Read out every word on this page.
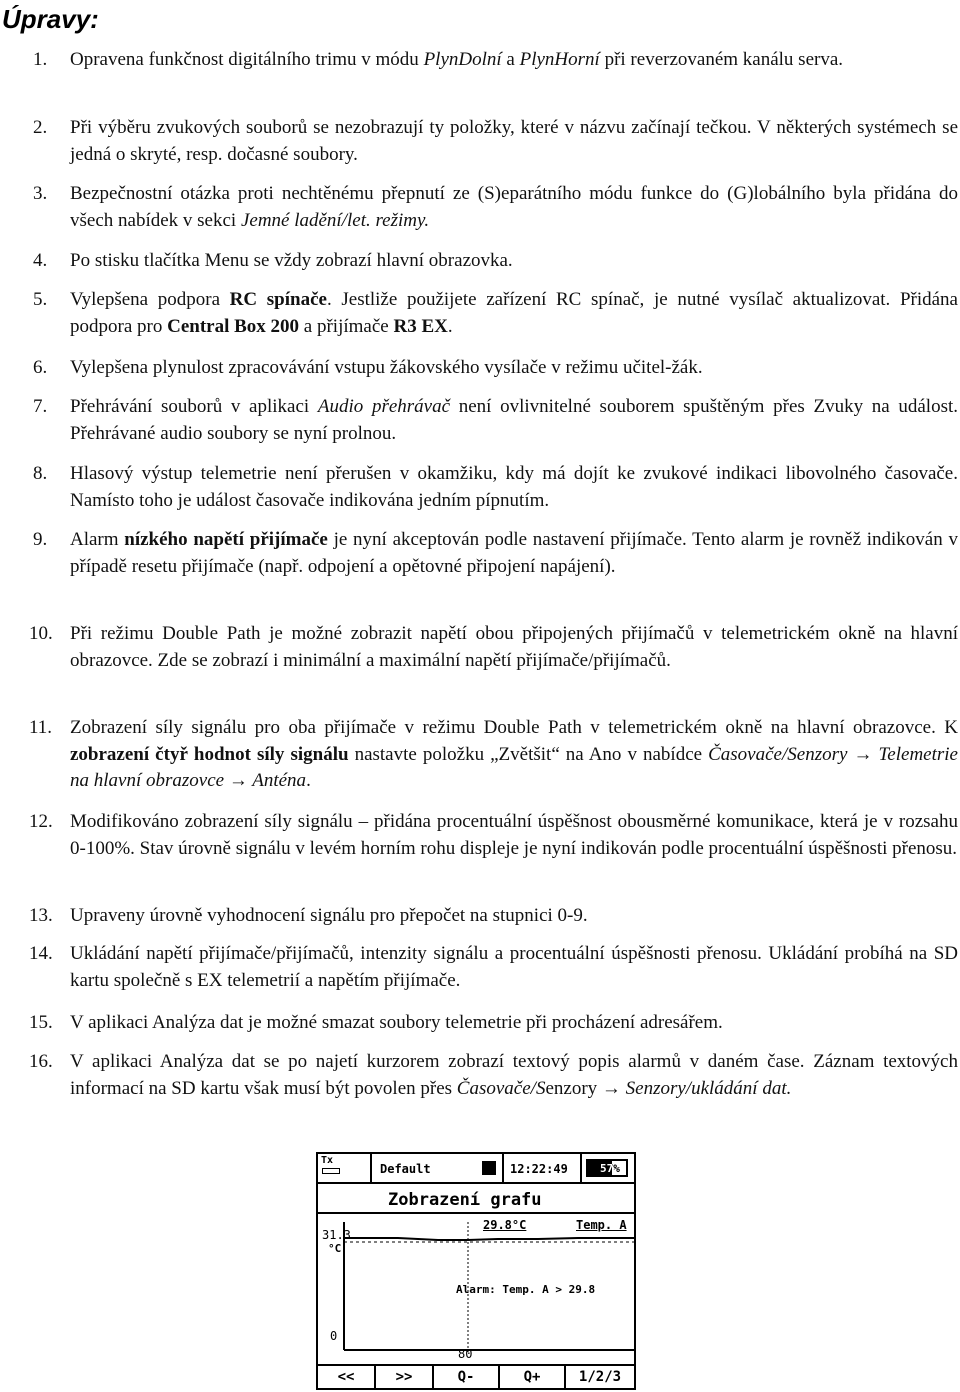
Úpravy:
1. Opravena funkčnost digitálního trimu v módu PlynDolní a PlynHorní při reverzovaném kanálu serva.
2. Při výběru zvukových souborů se nezobrazují ty položky, které v názvu začínají tečkou. V některých systémech se jedná o skryté, resp. dočasné soubory.
3. Bezpečnostní otázka proti nechtěnému přepnutí ze (S)eparátního módu funkce do (G)lobálního byla přidána do všech nabídek v sekci Jemné ladění/let. režimy.
4. Po stisku tlačítka Menu se vždy zobrazí hlavní obrazovka.
5. Vylepšena podpora RC spínače. Jestliže použijete zařízení RC spínač, je nutné vysílač aktualizovat. Přidána podpora pro Central Box 200 a přijímače R3 EX.
6. Vylepšena plynulost zpracovávání vstupu žákovského vysílače v režimu učitel-žák.
7. Přehrávání souborů v aplikaci Audio přehrávač není ovlivnitelné souborem spuštěným přes Zvuky na událost. Přehrávané audio soubory se nyní prolnou.
8. Hlasový výstup telemetrie není přerušen v okamžiku, kdy má dojít ke zvukové indikaci libovolného časovače. Namísto toho je událost časovače indikována jedním pípnutím.
9. Alarm nízkého napětí přijímače je nyní akceptován podle nastavení přijímače. Tento alarm je rovněž indikován v případě resetu přijímače (např. odpojení a opětovné připojení napájení).
10. Při režimu Double Path je možné zobrazit napětí obou připojených přijímačů v telemetrickém okně na hlavní obrazovce. Zde se zobrazí i minimální a maximální napětí přijímače/přijímačů.
11. Zobrazení síly signálu pro oba přijímače v režimu Double Path v telemetrickém okně na hlavní obrazovce. K zobrazení čtyř hodnot síly signálu nastavte položku „Zvětšit“ na Ano v nabídce Časovače/Senzory → Telemetrie na hlavní obrazovce → Anténa.
12. Modifikováno zobrazení síly signálu – přidána procentuální úspěšnost obousměrné komunikace, která je v rozsahu 0-100%. Stav úrovně signálu v levém horním rohu displeje je nyní indikován podle procentuální úspěšnosti přenosu.
13. Upraveny úrovně vyhodnocení signálu pro přepočet na stupnici 0-9.
14. Ukládání napětí přijímače/přijímačů, intenzity signálu a procentuální úspěšnosti přenosu. Ukládání probíhá na SD kartu společně s EX telemetrií a napětím přijímače.
15. V aplikaci Analýza dat je možné smazat soubory telemetrie při procházení adresářem.
16. V aplikaci Analýza dat se po najetí kurzorem zobrazí textový popis alarmů v daném čase. Záznam textových informací na SD kartu však musí být povolen přes Časovače/Senzory → Senzory/ukládání dat.
Tx
Default	12:22:49	57%
Zobrazení grafu
29.8°C	Temp. A
31.3
°C
0
80
Alarm: Temp. A > 29.8
<<	>>	Q-	Q+	1/2/3
